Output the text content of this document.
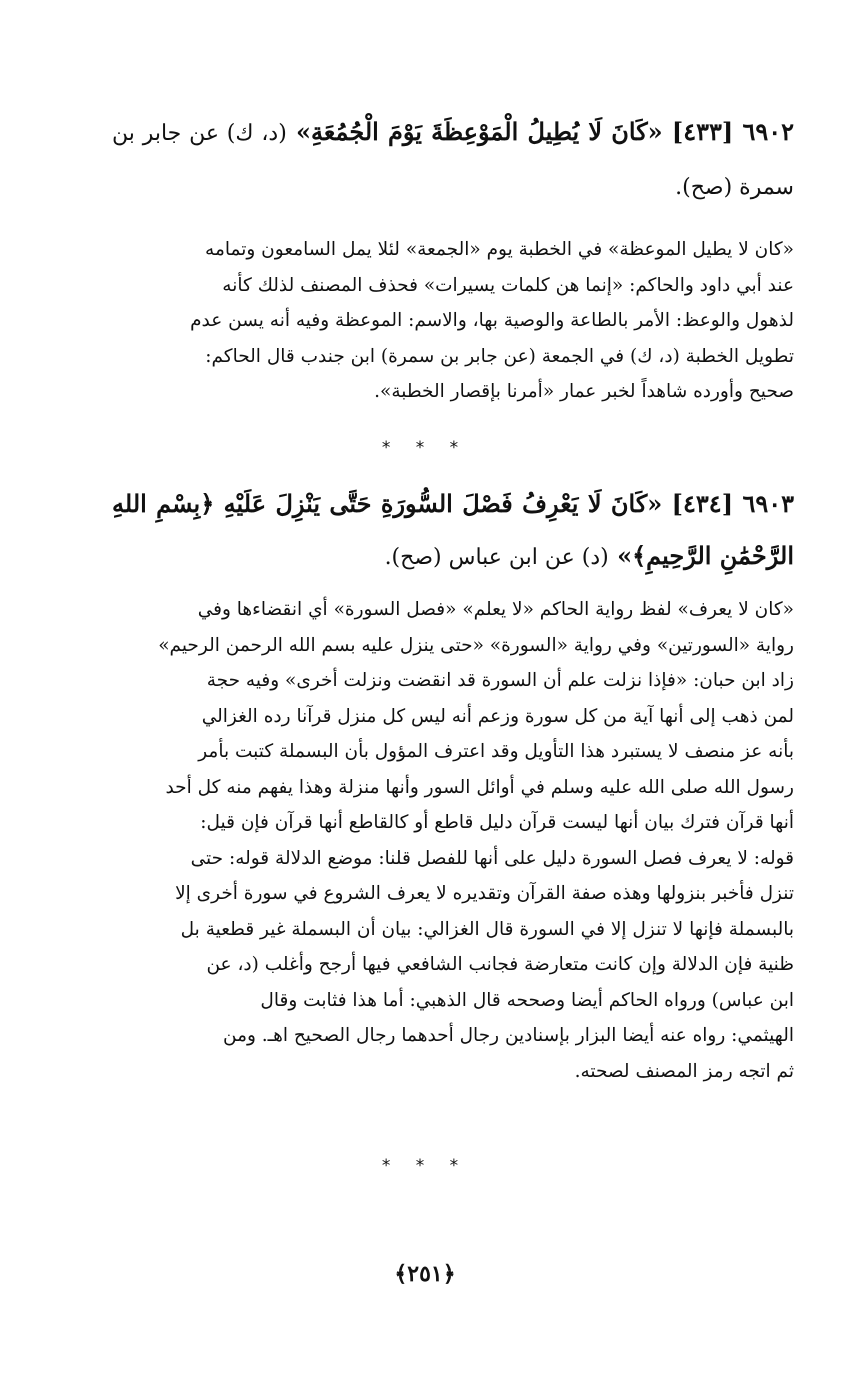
٦٩٠٢ [٤٣٣] «كَانَ لَا يُطِيلُ الْمَوْعِظَةَ يَوْمَ الْجُمُعَةِ» (د، ك) عن جابر بن سمرة (صح).
«كان لا يطيل الموعظة» في الخطبة يوم «الجمعة» لئلا يمل السامعون وتمامه
عند أبي داود والحاكم: «إنما هن كلمات يسيرات» فحذف المصنف لذلك كأنه
لذهول والوعظ: الأمر بالطاعة والوصية بها، والاسم: الموعظة وفيه أنه يسن عدم
تطويل الخطبة (د، ك) في الجمعة (عن جابر بن سمرة) ابن جندب قال الحاكم:
صحيح وأورده شاهداً لخبر عمار «أمرنا بإقصار الخطبة».
* * *
٦٩٠٣ [٤٣٤] «كَانَ لَا يَعْرِفُ فَصْلَ السُّورَةِ حَتَّى يَنْزِلَ عَلَيْهِ ﴿بِسْمِ اللهِ الرَّحْمَٰنِ الرَّحِيمِ﴾» (د) عن ابن عباس (صح).
«كان لا يعرف» لفظ رواية الحاكم «لا يعلم» «فصل السورة» أي انقضاءها وفي
رواية «السورتين» وفي رواية «السورة» «حتى ينزل عليه بسم الله الرحمن الرحيم»
زاد ابن حبان: «فإذا نزلت علم أن السورة قد انقضت ونزلت أخرى» وفيه حجة
لمن ذهب إلى أنها آية من كل سورة وزعم أنه ليس كل منزل قرآنا رده الغزالي
بأنه عز منصف لا يستبرد هذا التأويل وقد اعترف المؤول بأن البسملة كتبت بأمر
رسول الله صلى الله عليه وسلم في أوائل السور وأنها منزلة وهذا يفهم منه كل أحد
أنها قرآن فترك بيان أنها ليست قرآن دليل قاطع أو كالقاطع أنها قرآن فإن قيل:
قوله: لا يعرف فصل السورة دليل على أنها للفصل قلنا: موضع الدلالة قوله: حتى
تنزل فأخبر بنزولها وهذه صفة القرآن وتقديره لا يعرف الشروع في سورة أخرى إلا
بالبسملة فإنها لا تنزل إلا في السورة قال الغزالي: بيان أن البسملة غير قطعية بل
ظنية فإن الدلالة وإن كانت متعارضة فجانب الشافعي فيها أرجح وأغلب (د، عن
ابن عباس) ورواه الحاكم أيضا وصححه قال الذهبي: أما هذا فثابت وقال
الهيثمي: رواه عنه أيضا البزار بإسنادين رجال أحدهما رجال الصحيح اهـ. ومن
ثم اتجه رمز المصنف لصحته.
* * *
﴿٢٥١﴾
